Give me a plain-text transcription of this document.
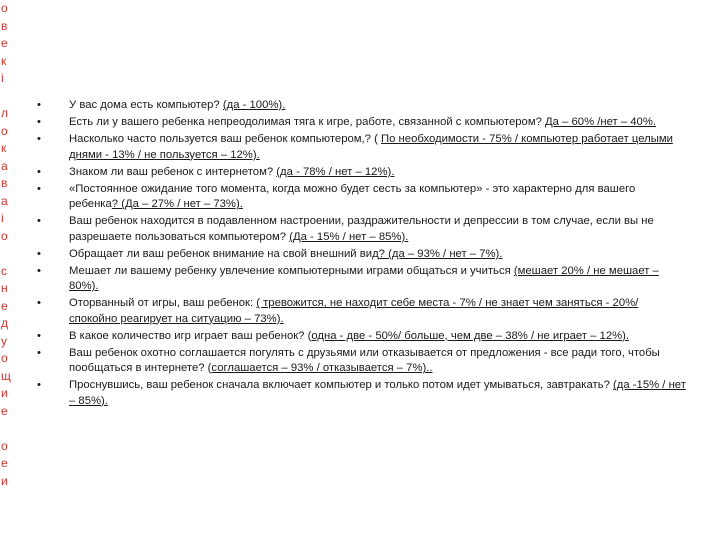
о
в
е
к
і

л
о
к
а
в
а
і
о

с
н
е
д
у
о
щ
и
е

о
е
и
• У вас дома есть компьютер? (да - 100%).
• Есть ли у вашего ребенка непреодолимая тяга к игре, работе, связанной с компьютером? Да – 60% /нет – 40%.
• Насколько часто пользуется ваш ребенок компьютером,? ( По необходимости - 75% / компьютер работает целыми днями - 13% / не пользуется – 12%).
• Знаком ли ваш ребенок с интернетом? (да - 78% / нет – 12%).
• «Постоянное ожидание того момента, когда можно будет сесть за компьютер» - это характерно для вашего ребенка? (Да – 27% / нет – 73%).
• Ваш ребенок находится в подавленном настроении, раздражительности и депрессии в том случае, если вы не разрешаете пользоваться компьютером? (Да - 15% / нет – 85%).
• Обращает ли ваш ребенок внимание на свой внешний вид? (да – 93% / нет – 7%).
• Мешает ли вашему ребенку увлечение компьютерными играми общаться и учиться (мешает 20% / не мешает – 80%).
• Оторванный от игры, ваш ребенок: ( тревожится, не находит себе места - 7% / не знает чем заняться - 20%/ спокойно реагирует на ситуацию – 73%).
• В какое количество игр играет ваш ребенок? (одна - две - 50%/ больше, чем две – 38% / не играет – 12%).
• Ваш ребенок охотно соглашается погулять с друзьями или отказывается от предложения - все ради того, чтобы пообщаться в интернете? (соглашается – 93% / отказывается – 7%)..
• Проснувшись, ваш ребенок сначала включает компьютер и только потом идет умываться, завтракать? (да -15% / нет – 85%).
